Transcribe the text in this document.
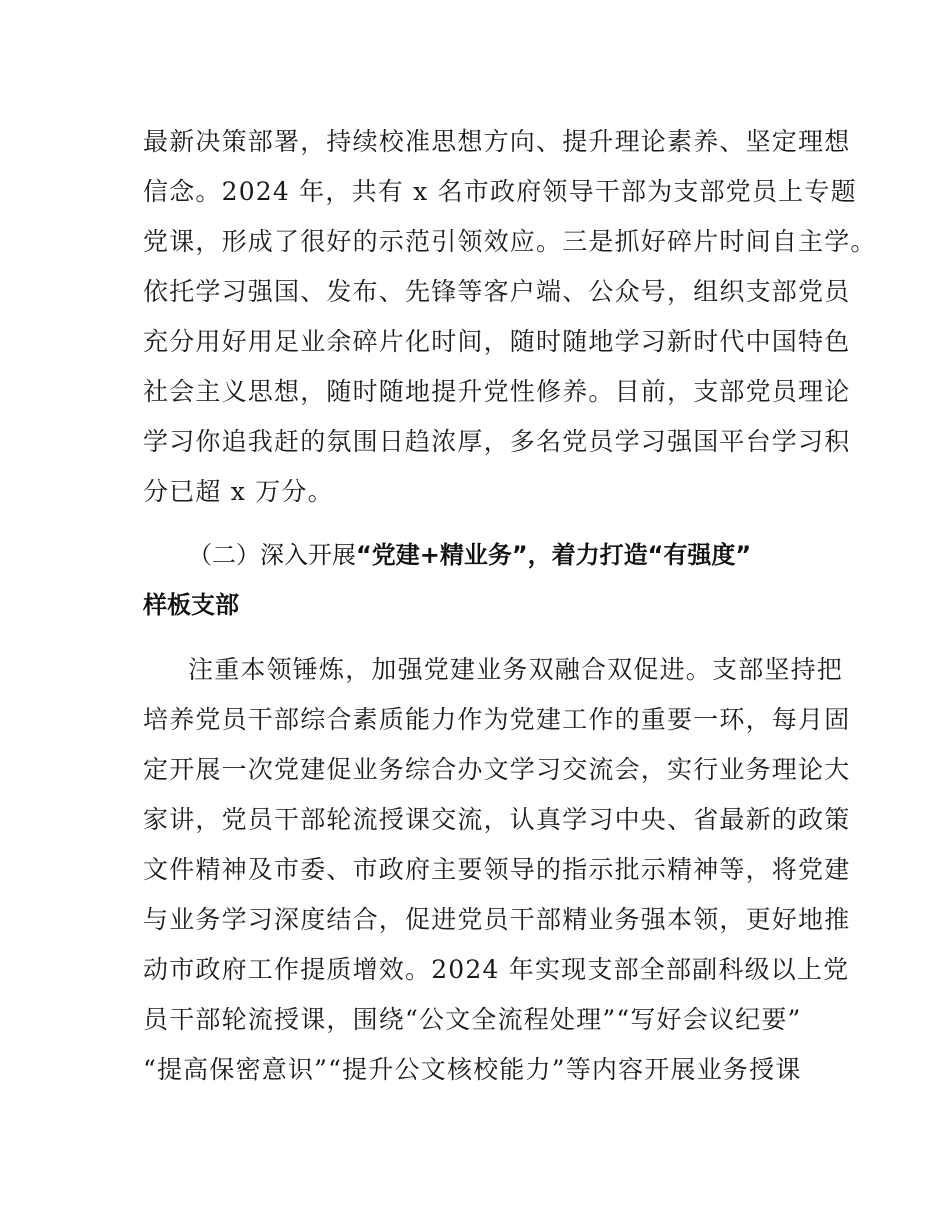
最新决策部署，持续校准思想方向、提升理论素养、坚定理想
信念。2024 年，共有 x 名市政府领导干部为支部党员上专题
党课，形成了很好的示范引领效应。三是抓好碎片时间自主学。
依托学习强国、发布、先锋等客户端、公众号，组织支部党员
充分用好用足业余碎片化时间，随时随地学习新时代中国特色
社会主义思想，随时随地提升党性修养。目前，支部党员理论
学习你追我赶的氛围日趋浓厚，多名党员学习强国平台学习积
分已超 x 万分。
（二）深入开展“党建+精业务”，着力打造“有强度”
样板支部
注重本领锤炼，加强党建业务双融合双促进。支部坚持把
培养党员干部综合素质能力作为党建工作的重要一环，每月固
定开展一次党建促业务综合办文学习交流会，实行业务理论大
家讲，党员干部轮流授课交流，认真学习中央、省最新的政策
文件精神及市委、市政府主要领导的指示批示精神等，将党建
与业务学习深度结合，促进党员干部精业务强本领，更好地推
动市政府工作提质增效。2024 年实现支部全部副科级以上党
员干部轮流授课，围绕“公文全流程处理”“写好会议纪要”
“提高保密意识”“提升公文核校能力”等内容开展业务授课
